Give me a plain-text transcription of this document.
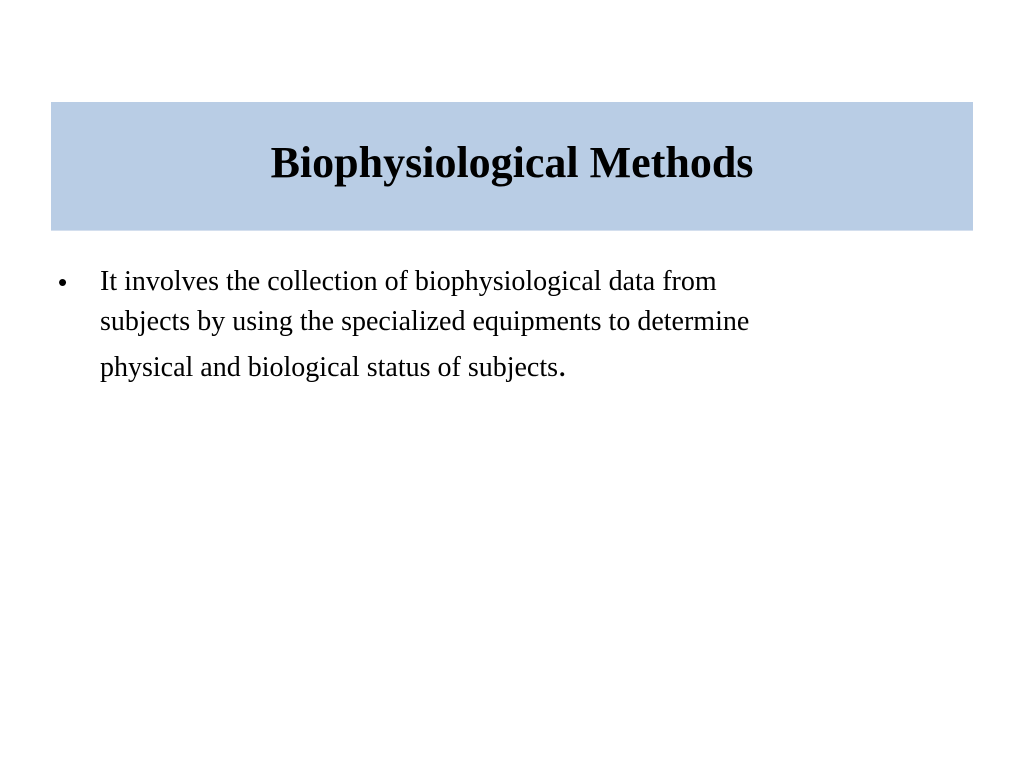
Biophysiological Methods
•	It involves the collection of biophysiological data from
subjects by using the specialized equipments to determine
physical and biological status of subjects.
